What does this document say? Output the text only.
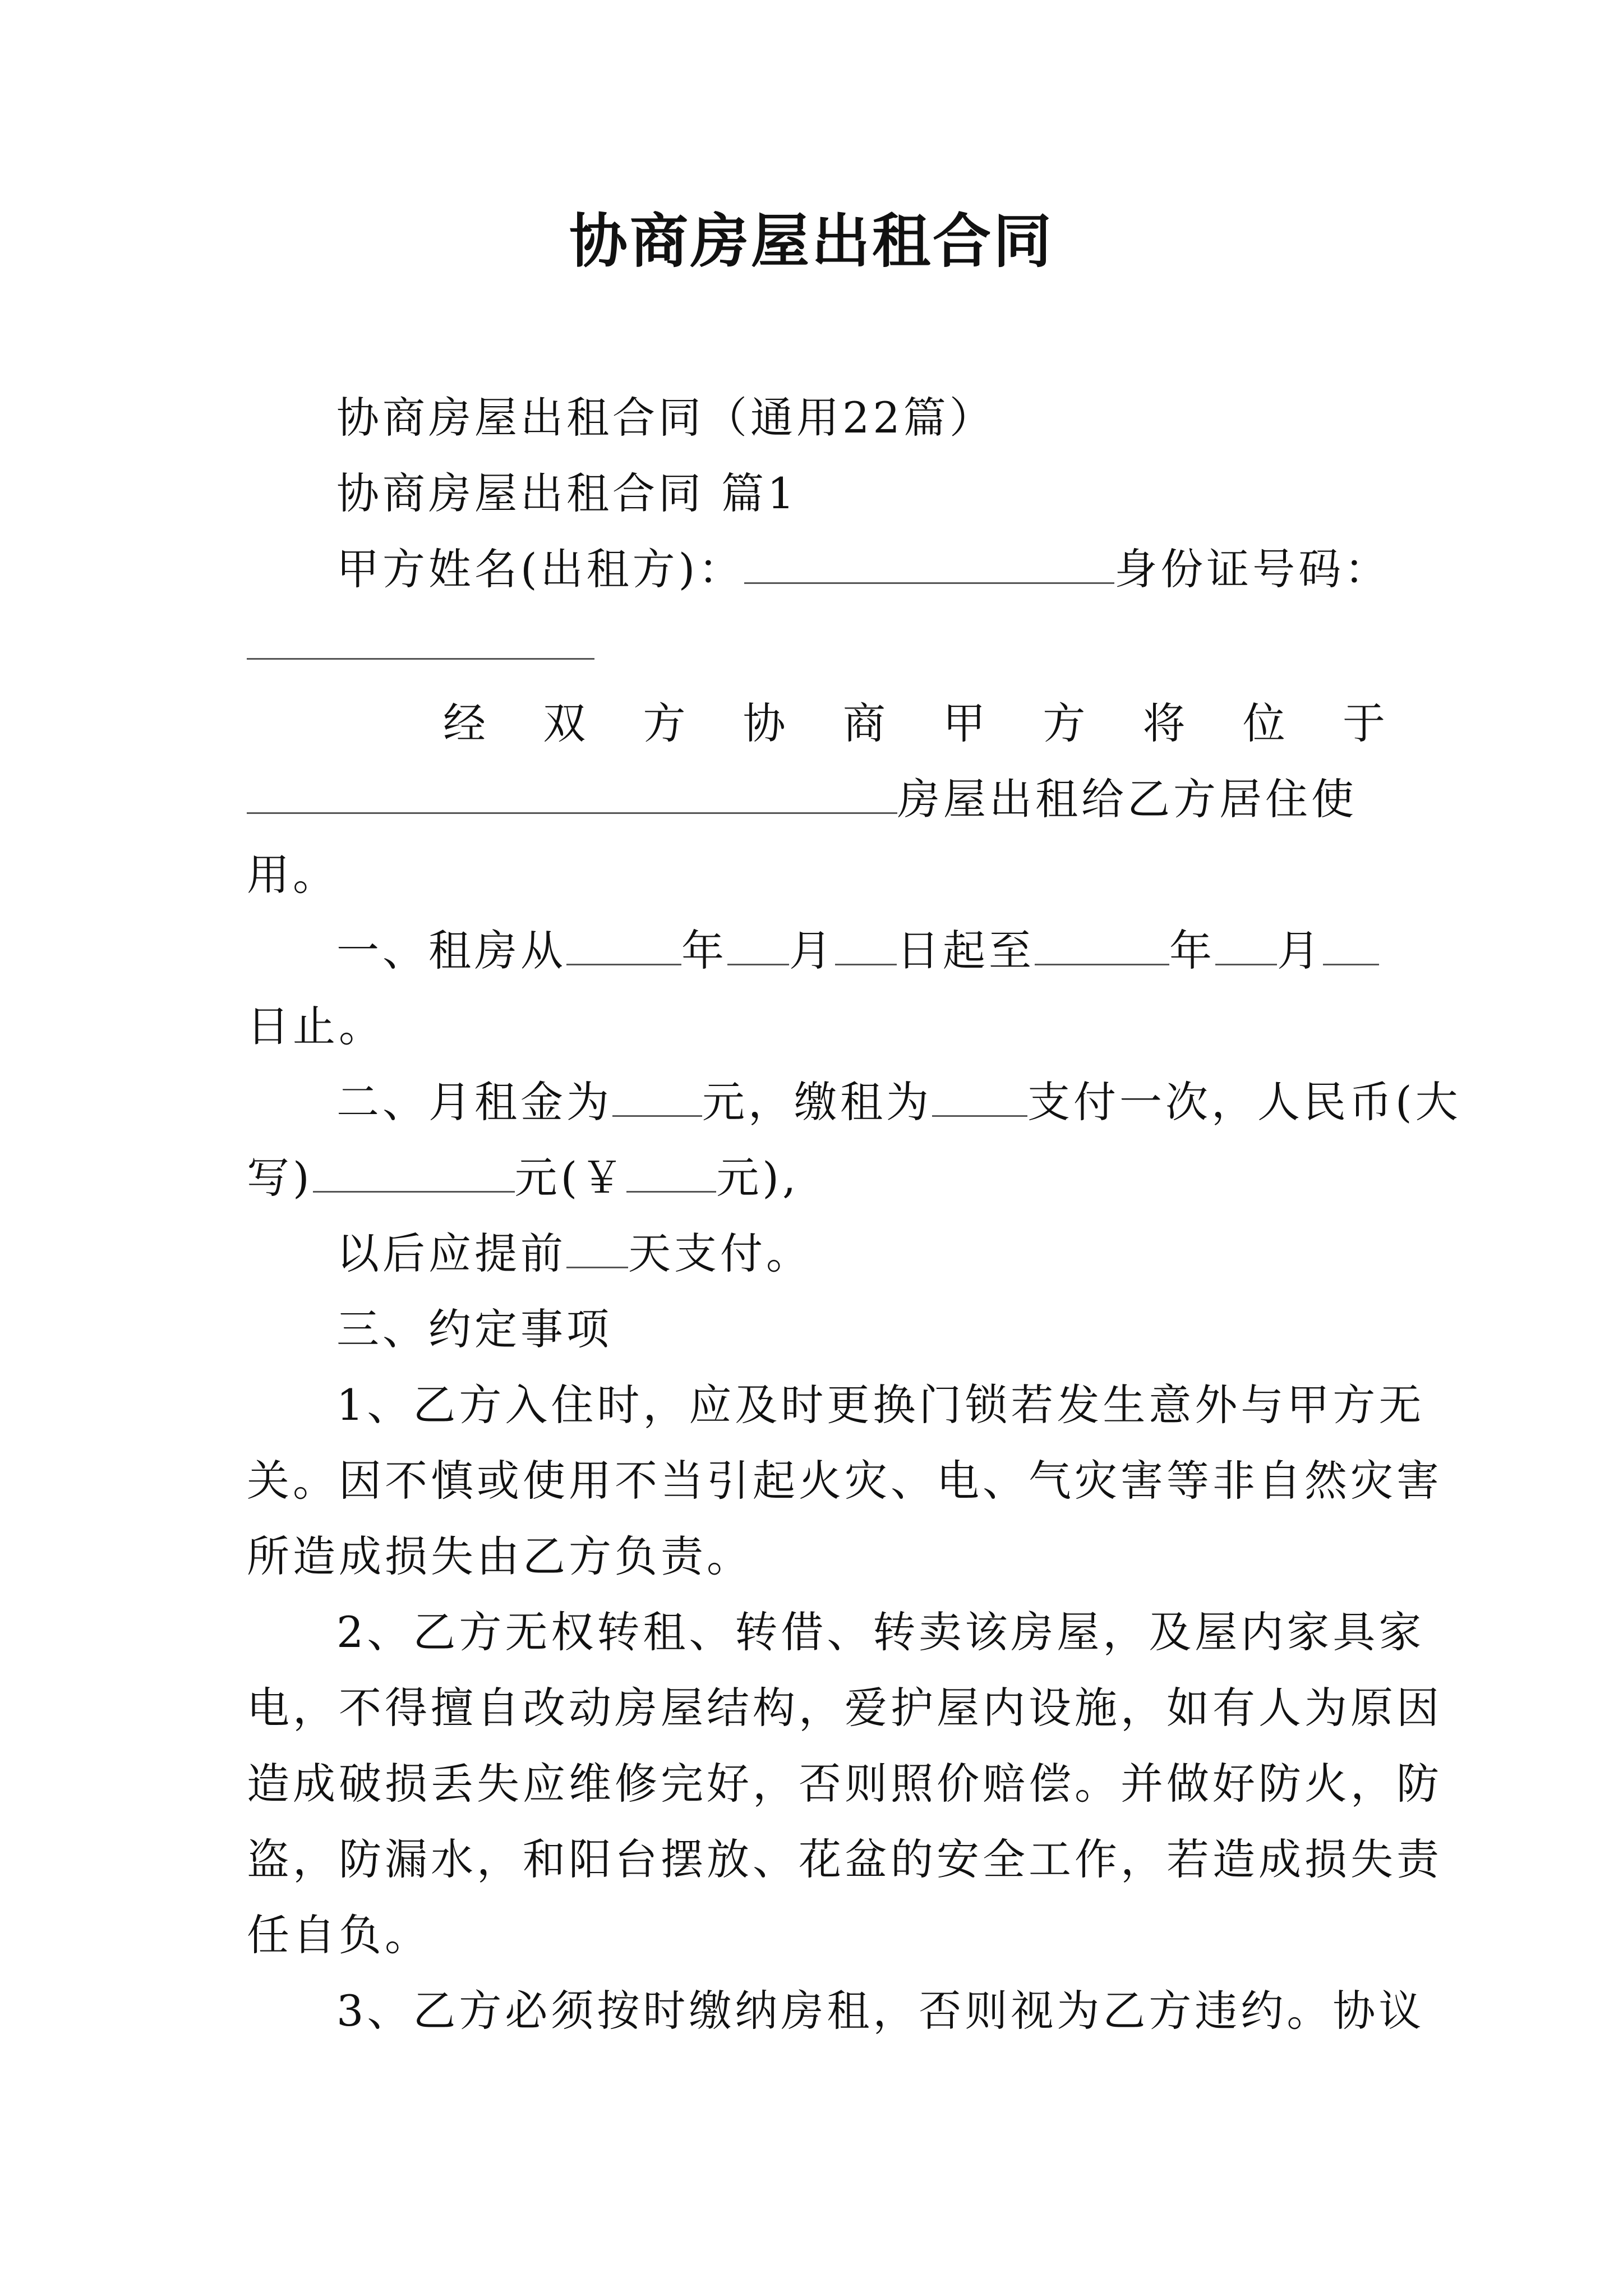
协商房屋出租合同
协商房屋出租合同（通用22篇）
协商房屋出租合同 篇1
甲方姓名(出租方)：	身份证号码：
经 双 方 协 商 甲 方 将 位 于
房屋出租给乙方居住使
用。
一、租房从	年 月 日起至	年 月
日止。
二、月租金为 元，缴租为 支付一次，人民币(大
写)	元(￥ 元),
以后应提前 天支付。
三、约定事项
1、乙方入住时，应及时更换门锁若发生意外与甲方无
关。因不慎或使用不当引起火灾、电、气灾害等非自然灾害
所造成损失由乙方负责。
2、乙方无权转租、转借、转卖该房屋，及屋内家具家
电，不得擅自改动房屋结构，爱护屋内设施，如有人为原因
造成破损丢失应维修完好，否则照价赔偿。并做好防火，防
盗，防漏水，和阳台摆放、花盆的安全工作，若造成损失责
任自负。
3、乙方必须按时缴纳房租，否则视为乙方违约。协议
